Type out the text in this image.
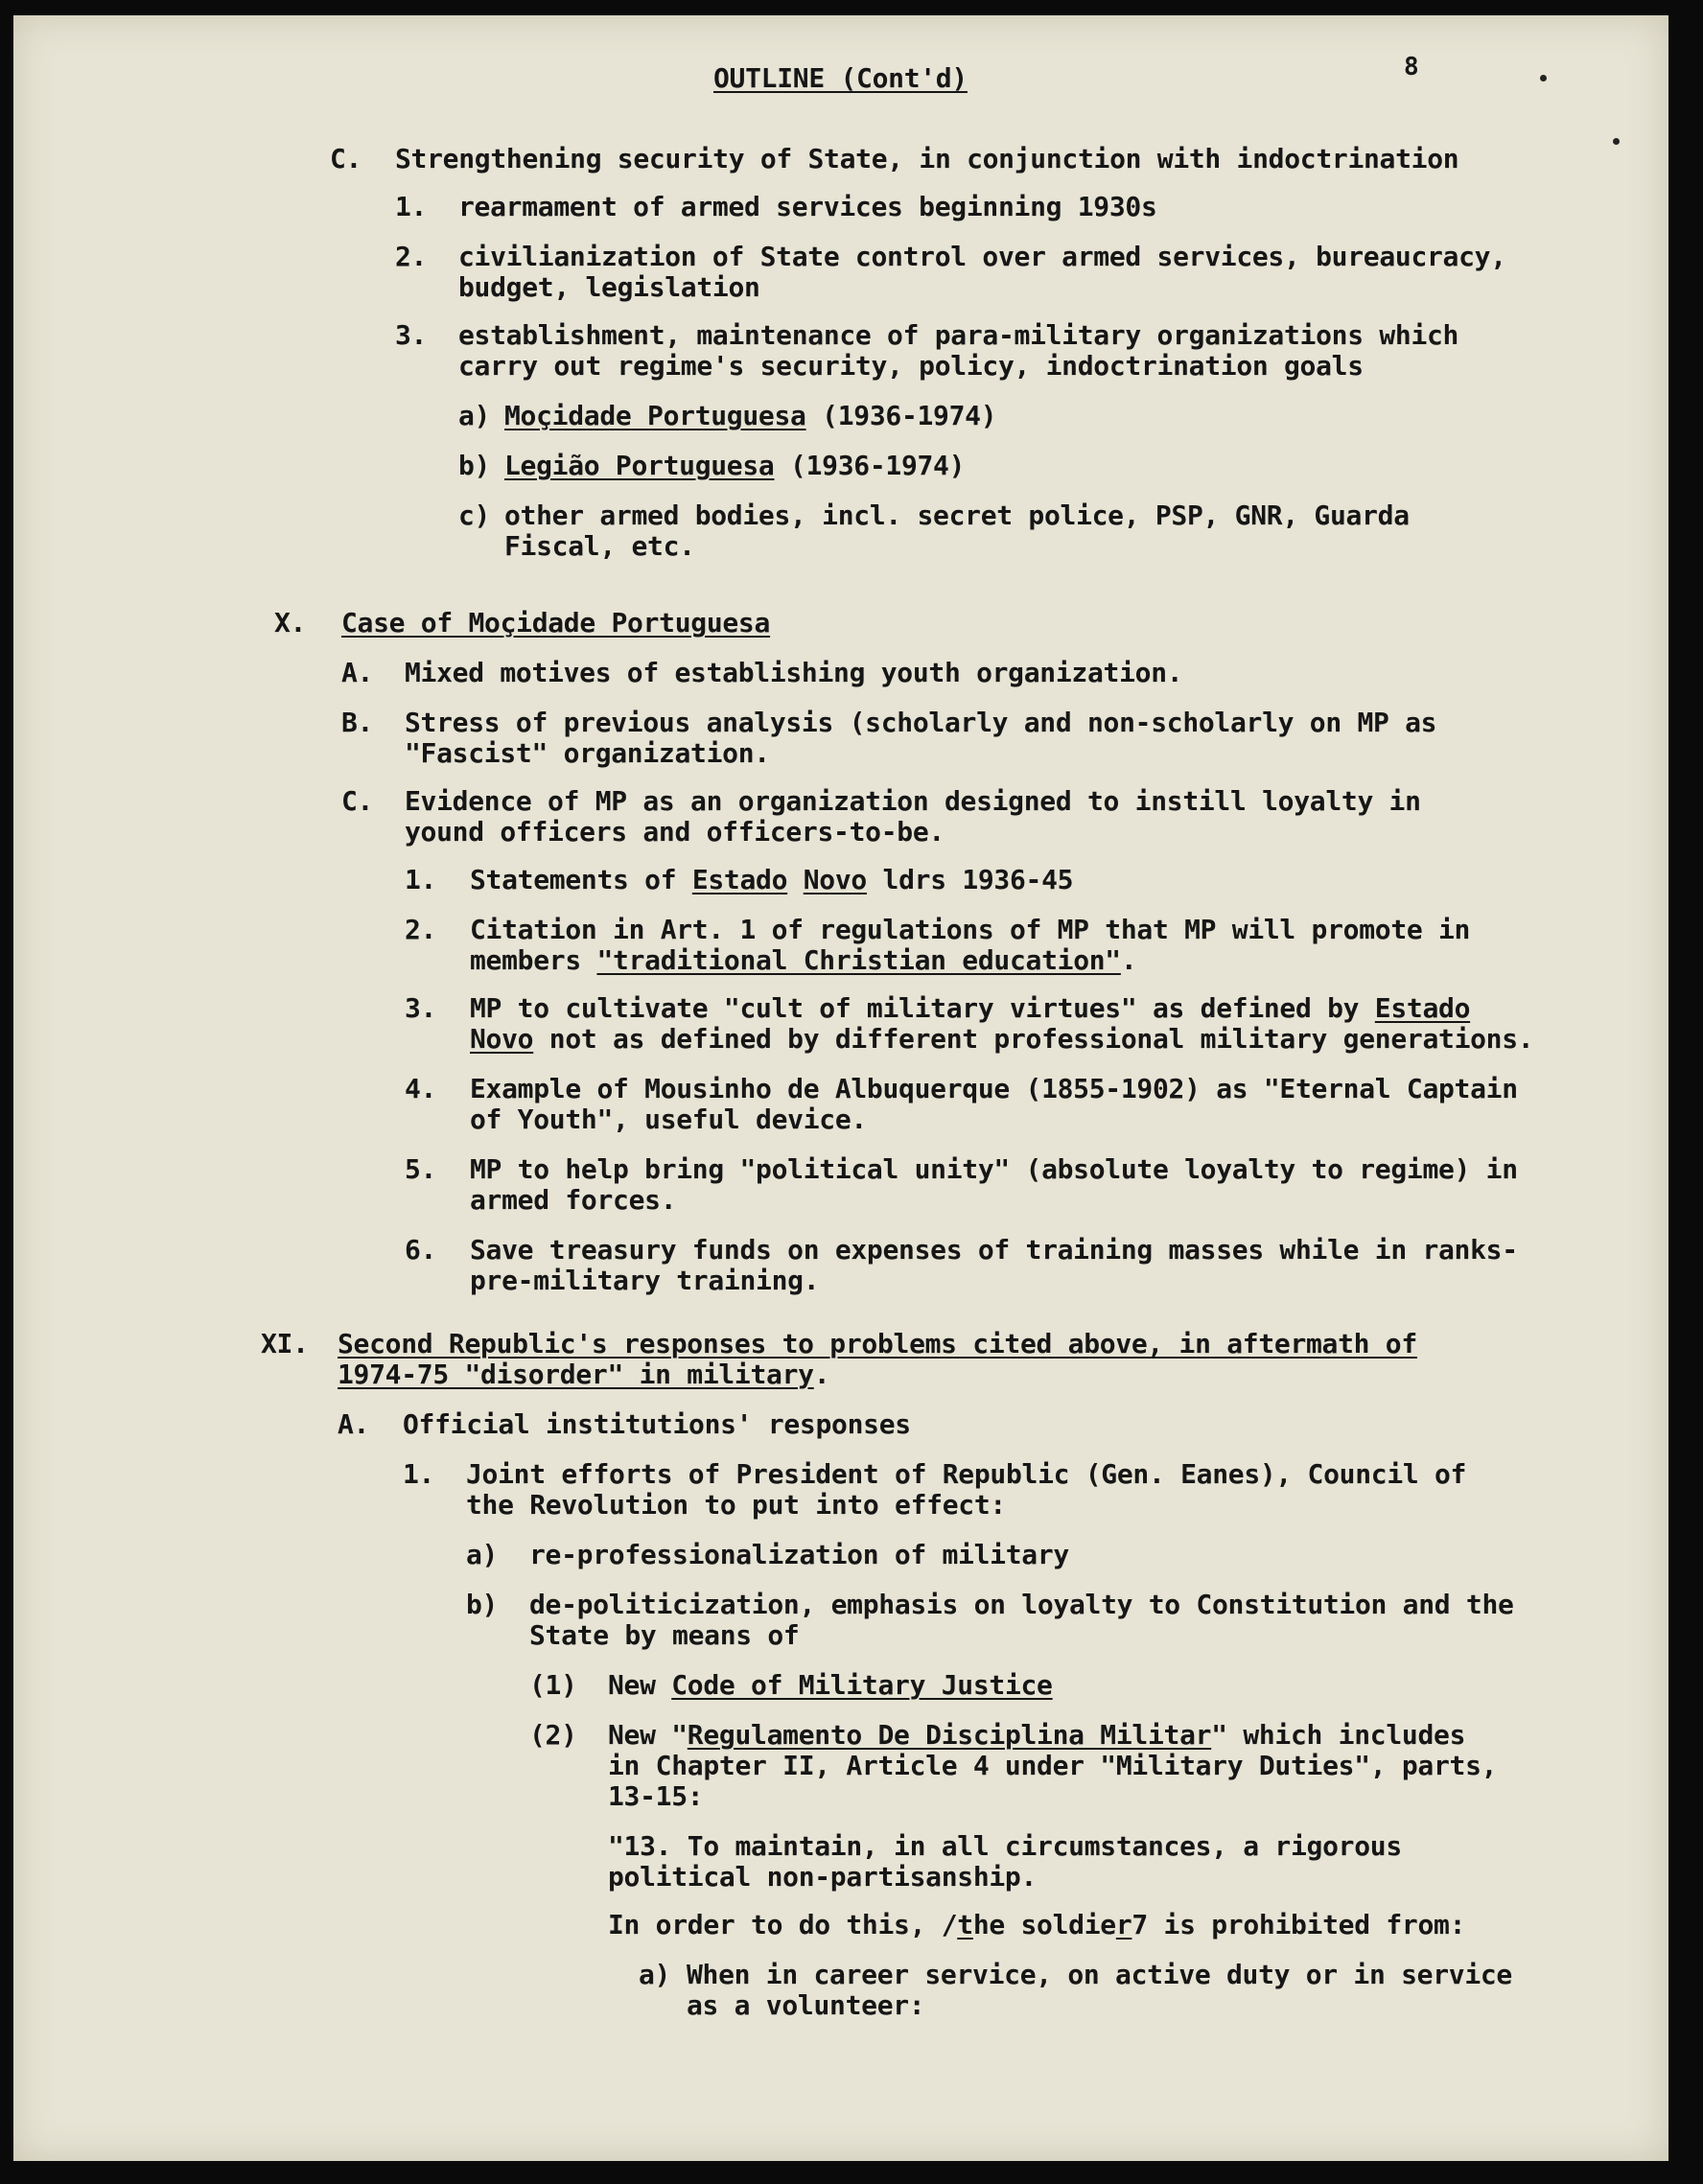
OUTLINE (Cont'd)	8
C. Strengthening security of State, in conjunction with indoctrination
1. rearmament of armed services beginning 1930s
2. civilianization of State control over armed services, bureaucracy,
budget, legislation
3. establishment, maintenance of para-military organizations which
carry out regime's security, policy, indoctrination goals
a) Moçidade Portuguesa (1936-1974)
b) Legião Portuguesa (1936-1974)
c) other armed bodies, incl. secret police, PSP, GNR, Guarda
Fiscal, etc.
X. Case of Moçidade Portuguesa
A. Mixed motives of establishing youth organization.
B. Stress of previous analysis (scholarly and non-scholarly on MP as
"Fascist" organization.
C. Evidence of MP as an organization designed to instill loyalty in
yound officers and officers-to-be.
1. Statements of Estado Novo ldrs 1936-45
2. Citation in Art. 1 of regulations of MP that MP will promote in
members "traditional Christian education".
3. MP to cultivate "cult of military virtues" as defined by Estado
Novo not as defined by different professional military generations.
4. Example of Mousinho de Albuquerque (1855-1902) as "Eternal Captain
of Youth", useful device.
5. MP to help bring "political unity" (absolute loyalty to regime) in
armed forces.
6. Save treasury funds on expenses of training masses while in ranks-
pre-military training.
XI. Second Republic's responses to problems cited above, in aftermath of
1974-75 "disorder" in military.
A. Official institutions' responses
1. Joint efforts of President of Republic (Gen. Eanes), Council of
the Revolution to put into effect:
a) re-professionalization of military
b) de-politicization, emphasis on loyalty to Constitution and the
State by means of
(1) New Code of Military Justice
(2) New "Regulamento De Disciplina Militar" which includes
in Chapter II, Article 4 under "Military Duties", parts,
13-15:
"13. To maintain, in all circumstances, a rigorous
political non-partisanship.
In order to do this, /the soldier7 is prohibited from:
a) When in career service, on active duty or in service
as a volunteer:
